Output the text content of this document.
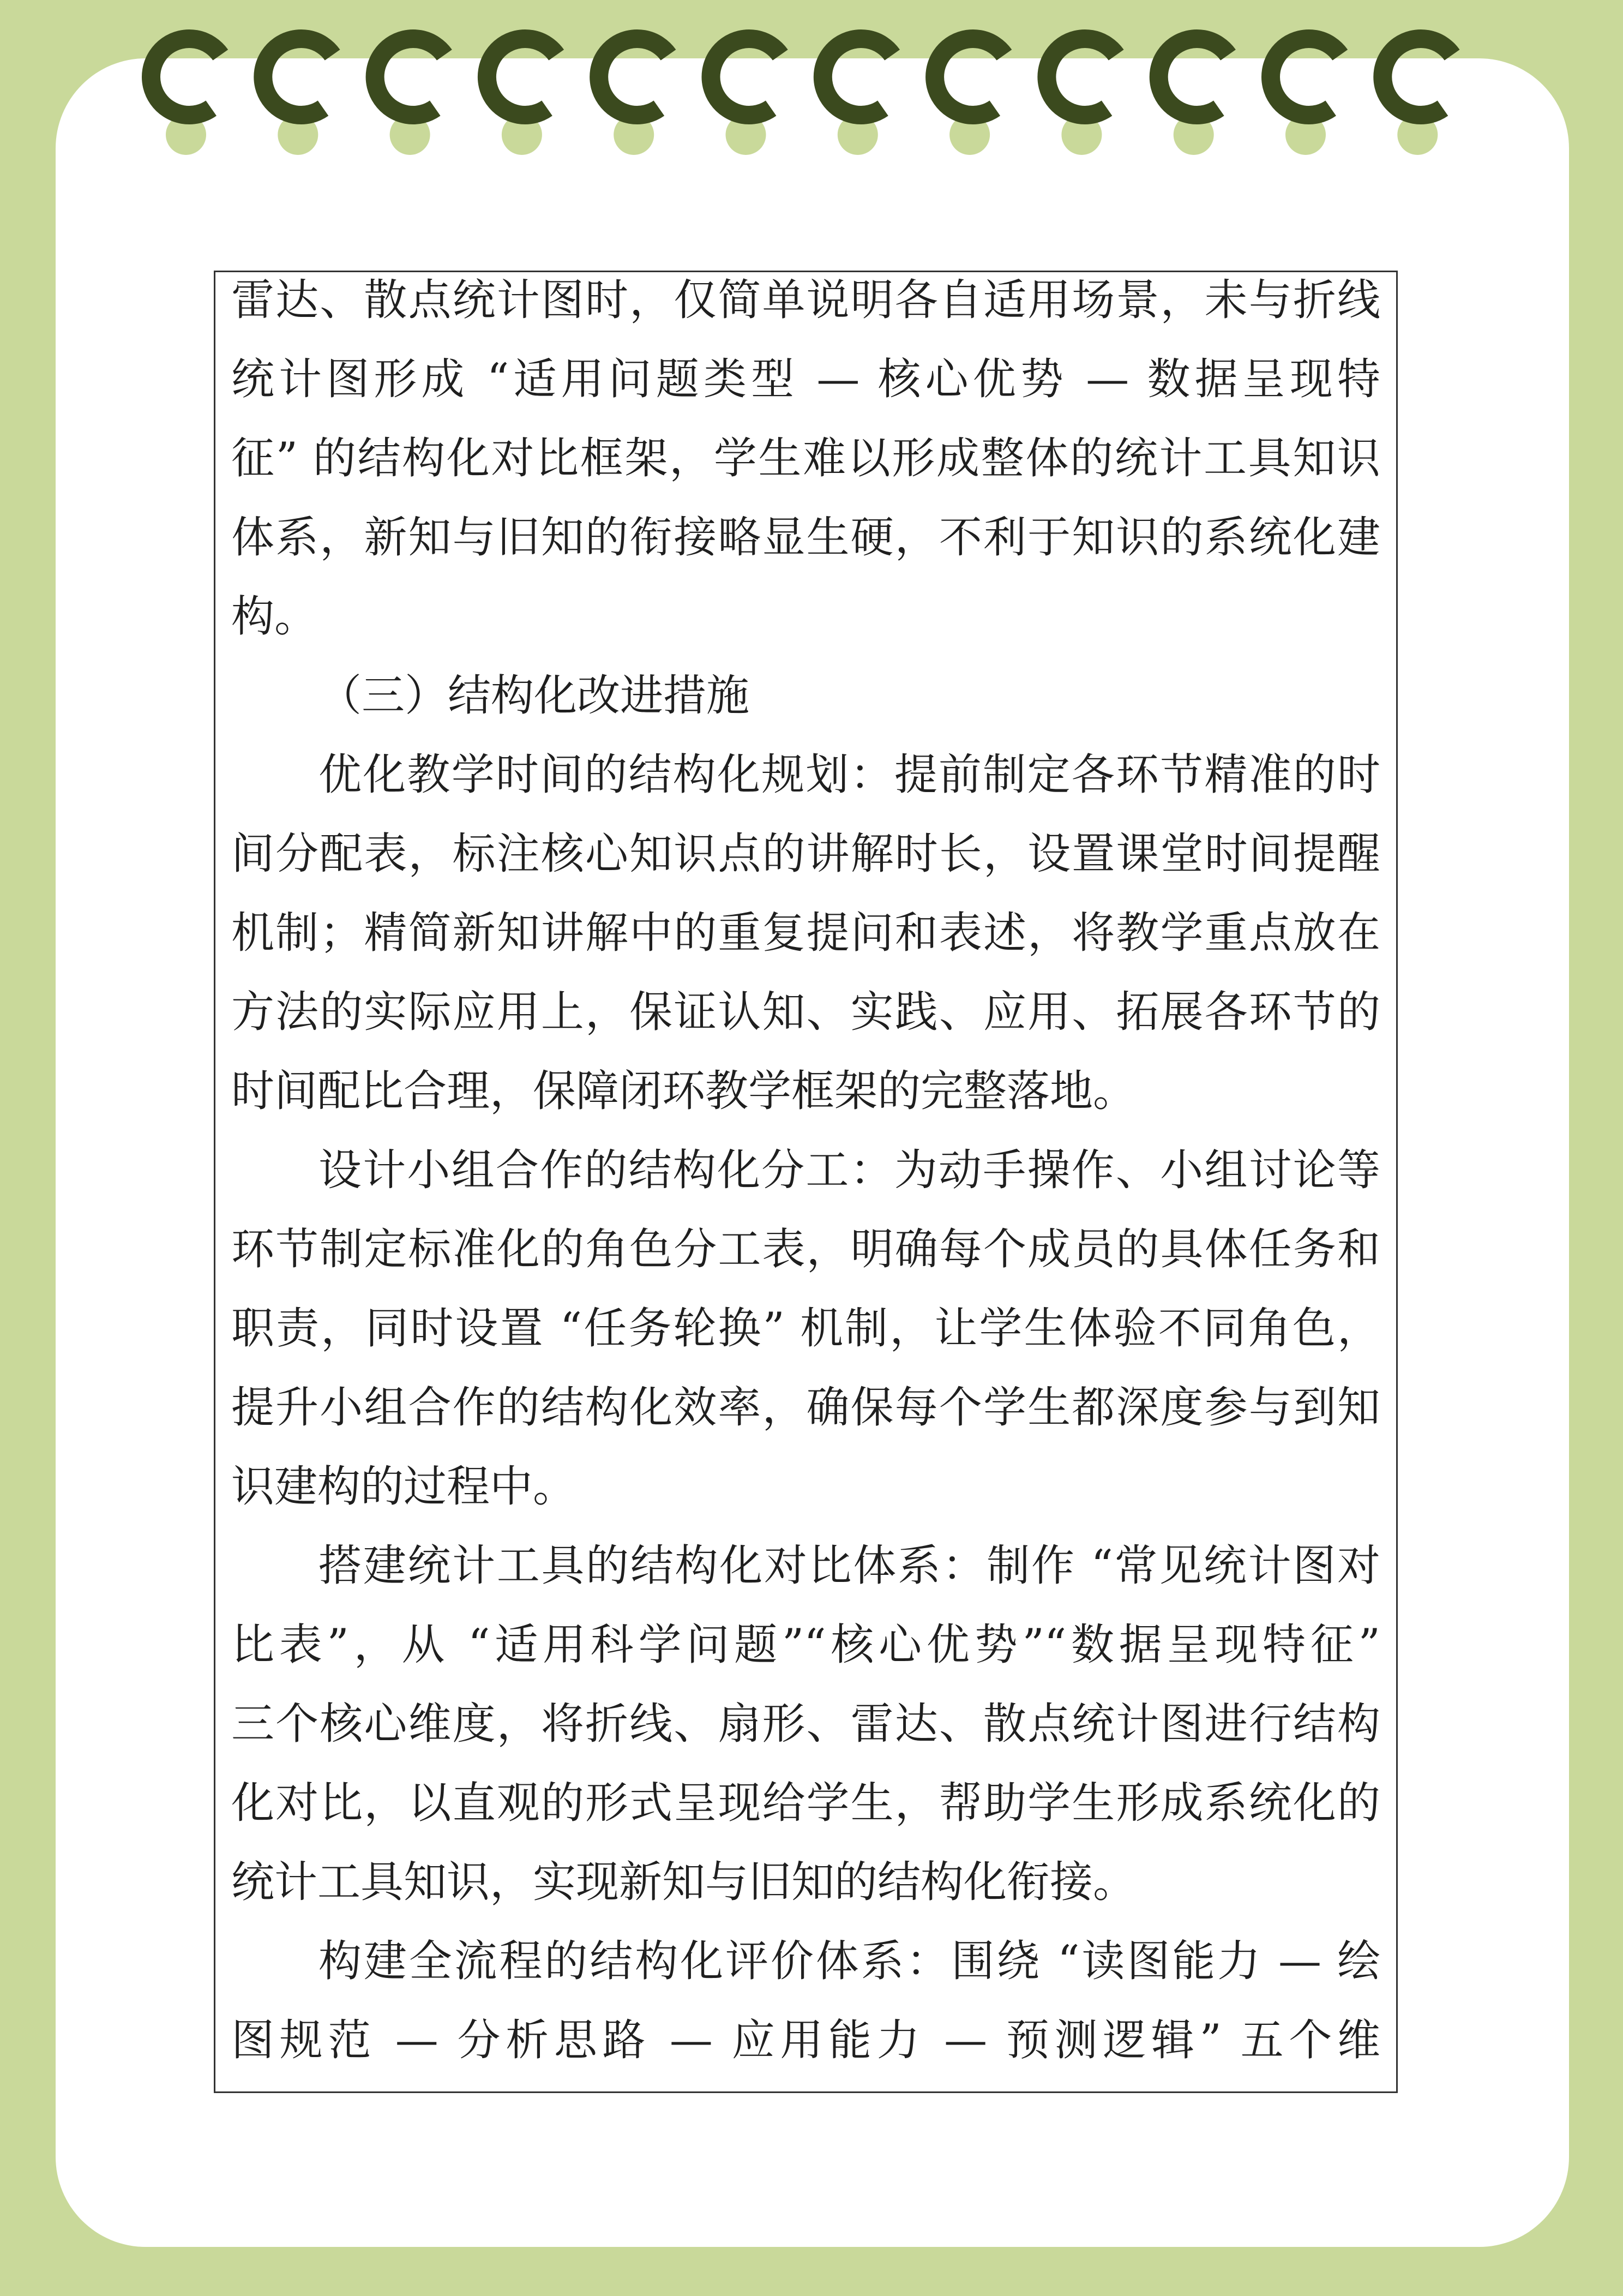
雷达、散点统计图时，仅简单说明各自适用场景，未与折线
统计图形成 “适用问题类型 — 核心优势 — 数据呈现特
征” 的结构化对比框架，学生难以形成整体的统计工具知识
体系，新知与旧知的衔接略显生硬，不利于知识的系统化建
构。
（三）结构化改进措施
优化教学时间的结构化规划：提前制定各环节精准的时
间分配表，标注核心知识点的讲解时长，设置课堂时间提醒
机制；精简新知讲解中的重复提问和表述，将教学重点放在
方法的实际应用上，保证认知、实践、应用、拓展各环节的
时间配比合理，保障闭环教学框架的完整落地。
设计小组合作的结构化分工：为动手操作、小组讨论等
环节制定标准化的角色分工表，明确每个成员的具体任务和
职责，同时设置 “任务轮换” 机制，让学生体验不同角色，
提升小组合作的结构化效率，确保每个学生都深度参与到知
识建构的过程中。
搭建统计工具的结构化对比体系：制作 “常见统计图对
比表”，从 “适用科学问题”“核心优势”“数据呈现特征”
三个核心维度，将折线、扇形、雷达、散点统计图进行结构
化对比，以直观的形式呈现给学生，帮助学生形成系统化的
统计工具知识，实现新知与旧知的结构化衔接。
构建全流程的结构化评价体系：围绕 “读图能力 — 绘
图规范 — 分析思路 — 应用能力 — 预测逻辑” 五个维
